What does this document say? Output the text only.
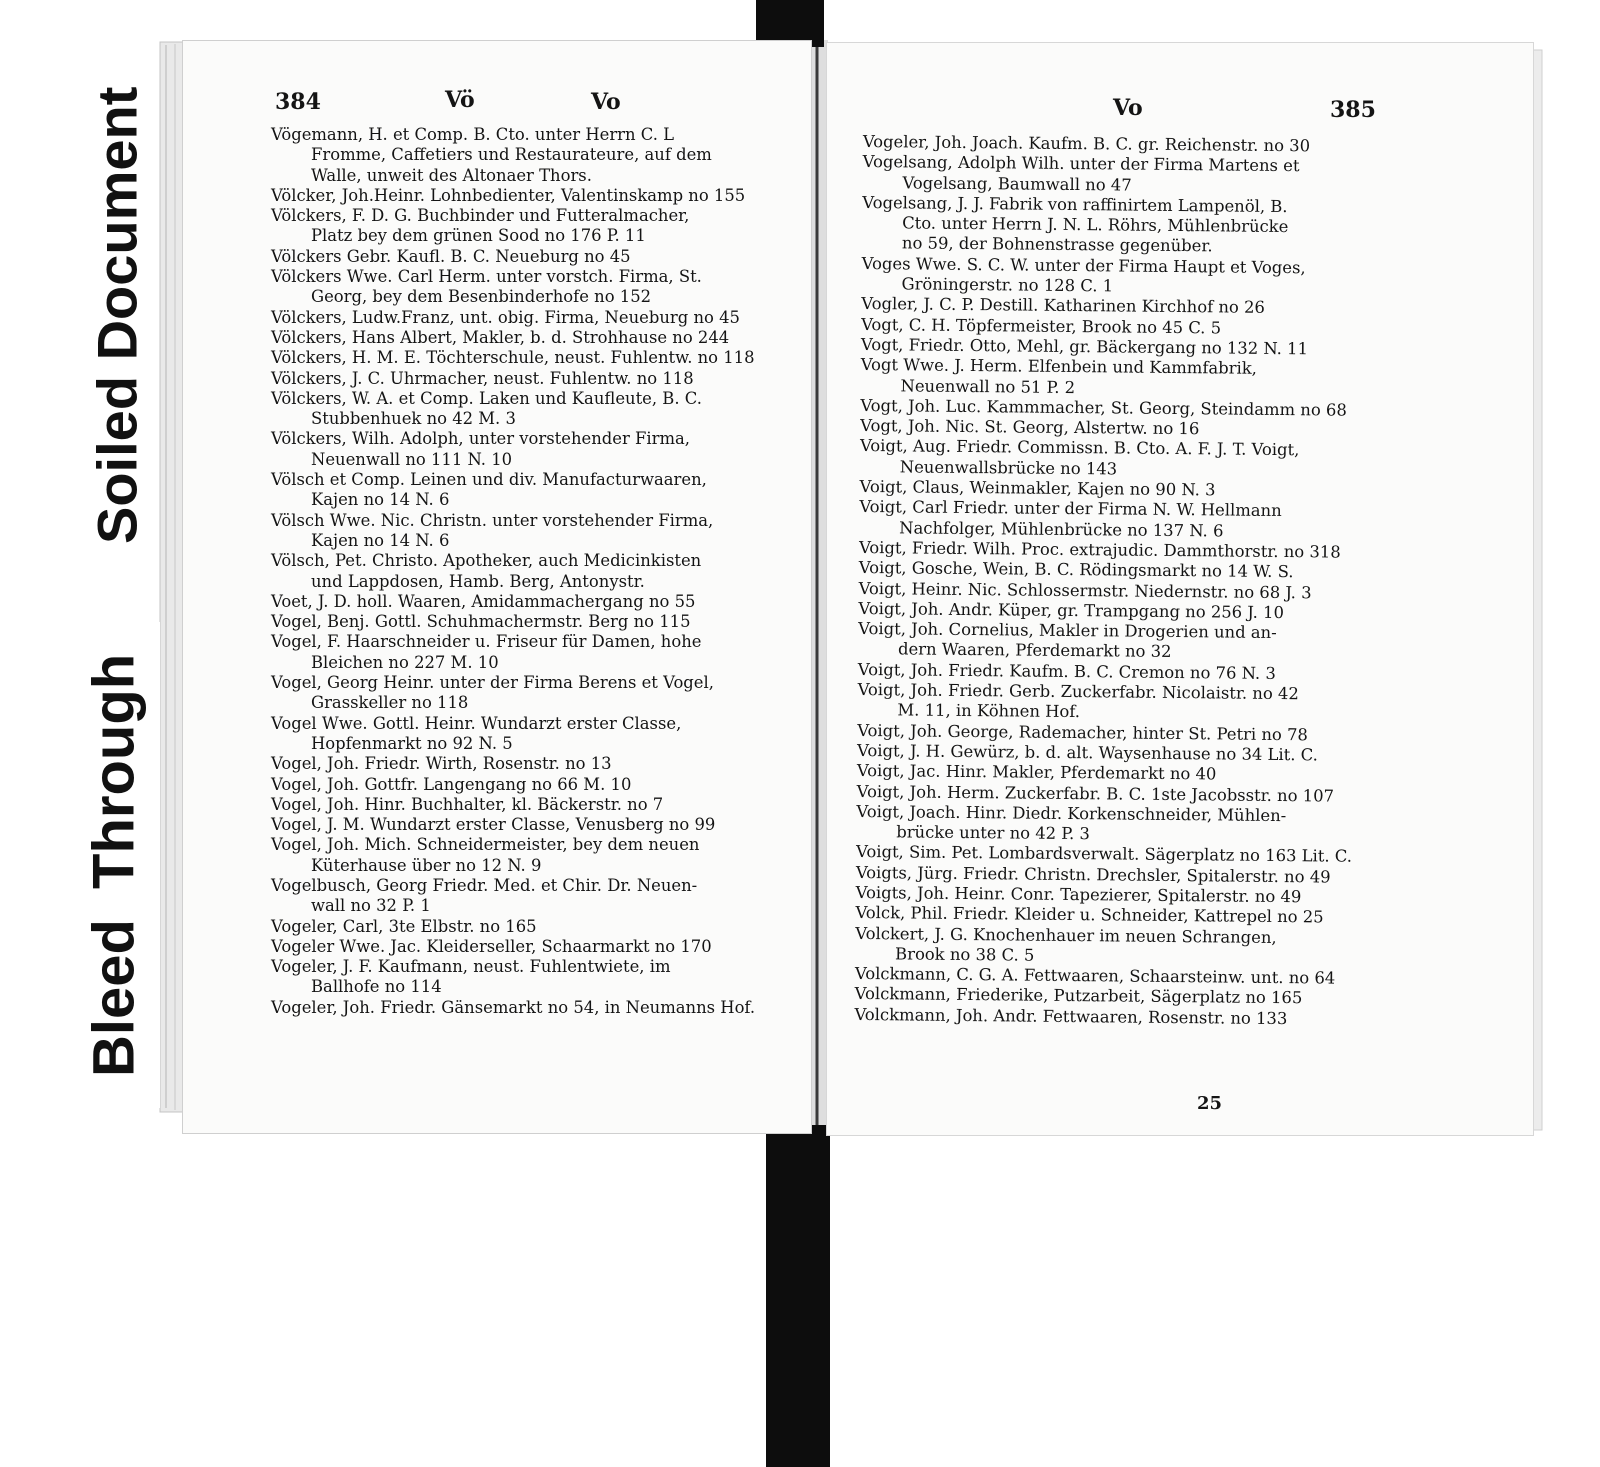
Soiled Document
Bleed Through
384	Vö	Vo
Vögemann, H. et Comp. B. Cto. unter Herrn C. L
Fromme, Caffetiers und Restaurateure, auf dem
Walle, unweit des Altonaer Thors.
Völcker, Joh.Heinr. Lohnbedienter, Valentinskamp no 155
Völckers, F. D. G. Buchbinder und Futteralmacher,
Platz bey dem grünen Sood no 176 P. 11
Völckers Gebr. Kaufl. B. C. Neueburg no 45
Völckers Wwe. Carl Herm. unter vorstch. Firma, St.
Georg, bey dem Besenbinderhofe no 152
Völckers, Ludw.Franz, unt. obig. Firma, Neueburg no 45
Völckers, Hans Albert, Makler, b. d. Strohhause no 244
Völckers, H. M. E. Töchterschule, neust. Fuhlentw. no 118
Völckers, J. C. Uhrmacher, neust. Fuhlentw. no 118
Völckers, W. A. et Comp. Laken und Kaufleute, B. C.
Stubbenhuek no 42 M. 3
Völckers, Wilh. Adolph, unter vorstehender Firma,
Neuenwall no 111 N. 10
Völsch et Comp. Leinen und div. Manufacturwaaren,
Kajen no 14 N. 6
Völsch Wwe. Nic. Christn. unter vorstehender Firma,
Kajen no 14 N. 6
Völsch, Pet. Christo. Apotheker, auch Medicinkisten
und Lappdosen, Hamb. Berg, Antonystr.
Voet, J. D. holl. Waaren, Amidammachergang no 55
Vogel, Benj. Gottl. Schuhmachermstr. Berg no 115
Vogel, F. Haarschneider u. Friseur für Damen, hohe
Bleichen no 227 M. 10
Vogel, Georg Heinr. unter der Firma Berens et Vogel,
Grasskeller no 118
Vogel Wwe. Gottl. Heinr. Wundarzt erster Classe,
Hopfenmarkt no 92 N. 5
Vogel, Joh. Friedr. Wirth, Rosenstr. no 13
Vogel, Joh. Gottfr. Langengang no 66 M. 10
Vogel, Joh. Hinr. Buchhalter, kl. Bäckerstr. no 7
Vogel, J. M. Wundarzt erster Classe, Venusberg no 99
Vogel, Joh. Mich. Schneidermeister, bey dem neuen
Küterhause über no 12 N. 9
Vogelbusch, Georg Friedr. Med. et Chir. Dr. Neuen-
wall no 32 P. 1
Vogeler, Carl, 3te Elbstr. no 165
Vogeler Wwe. Jac. Kleiderseller, Schaarmarkt no 170
Vogeler, J. F. Kaufmann, neust. Fuhlentwiete, im
Ballhofe no 114
Vogeler, Joh. Friedr. Gänsemarkt no 54, in Neumanns Hof.
Vo	385
Vogeler, Joh. Joach. Kaufm. B. C. gr. Reichenstr. no 30
Vogelsang, Adolph Wilh. unter der Firma Martens et
Vogelsang, Baumwall no 47
Vogelsang, J. J. Fabrik von raffinirtem Lampenöl, B.
Cto. unter Herrn J. N. L. Röhrs, Mühlenbrücke
no 59, der Bohnenstrasse gegenüber.
Voges Wwe. S. C. W. unter der Firma Haupt et Voges,
Gröningerstr. no 128 C. 1
Vogler, J. C. P. Destill. Katharinen Kirchhof no 26
Vogt, C. H. Töpfermeister, Brook no 45 C. 5
Vogt, Friedr. Otto, Mehl, gr. Bäckergang no 132 N. 11
Vogt Wwe. J. Herm. Elfenbein und Kammfabrik,
Neuenwall no 51 P. 2
Vogt, Joh. Luc. Kammmacher, St. Georg, Steindamm no 68
Vogt, Joh. Nic. St. Georg, Alstertw. no 16
Voigt, Aug. Friedr. Commissn. B. Cto. A. F. J. T. Voigt,
Neuenwallsbrücke no 143
Voigt, Claus, Weinmakler, Kajen no 90 N. 3
Voigt, Carl Friedr. unter der Firma N. W. Hellmann
Nachfolger, Mühlenbrücke no 137 N. 6
Voigt, Friedr. Wilh. Proc. extrajudic. Dammthorstr. no 318
Voigt, Gosche, Wein, B. C. Rödingsmarkt no 14 W. S.
Voigt, Heinr. Nic. Schlossermstr. Niedernstr. no 68 J. 3
Voigt, Joh. Andr. Küper, gr. Trampgang no 256 J. 10
Voigt, Joh. Cornelius, Makler in Drogerien und an-
dern Waaren, Pferdemarkt no 32
Voigt, Joh. Friedr. Kaufm. B. C. Cremon no 76 N. 3
Voigt, Joh. Friedr. Gerb. Zuckerfabr. Nicolaistr. no 42
M. 11, in Köhnen Hof.
Voigt, Joh. George, Rademacher, hinter St. Petri no 78
Voigt, J. H. Gewürz, b. d. alt. Waysenhause no 34 Lit. C.
Voigt, Jac. Hinr. Makler, Pferdemarkt no 40
Voigt, Joh. Herm. Zuckerfabr. B. C. 1ste Jacobsstr. no 107
Voigt, Joach. Hinr. Diedr. Korkenschneider, Mühlen-
brücke unter no 42 P. 3
Voigt, Sim. Pet. Lombardsverwalt. Sägerplatz no 163 Lit. C.
Voigts, Jürg. Friedr. Christn. Drechsler, Spitalerstr. no 49
Voigts, Joh. Heinr. Conr. Tapezierer, Spitalerstr. no 49
Volck, Phil. Friedr. Kleider u. Schneider, Kattrepel no 25
Volckert, J. G. Knochenhauer im neuen Schrangen,
Brook no 38 C. 5
Volckmann, C. G. A. Fettwaaren, Schaarsteinw. unt. no 64
Volckmann, Friederike, Putzarbeit, Sägerplatz no 165
Volckmann, Joh. Andr. Fettwaaren, Rosenstr. no 133
25
